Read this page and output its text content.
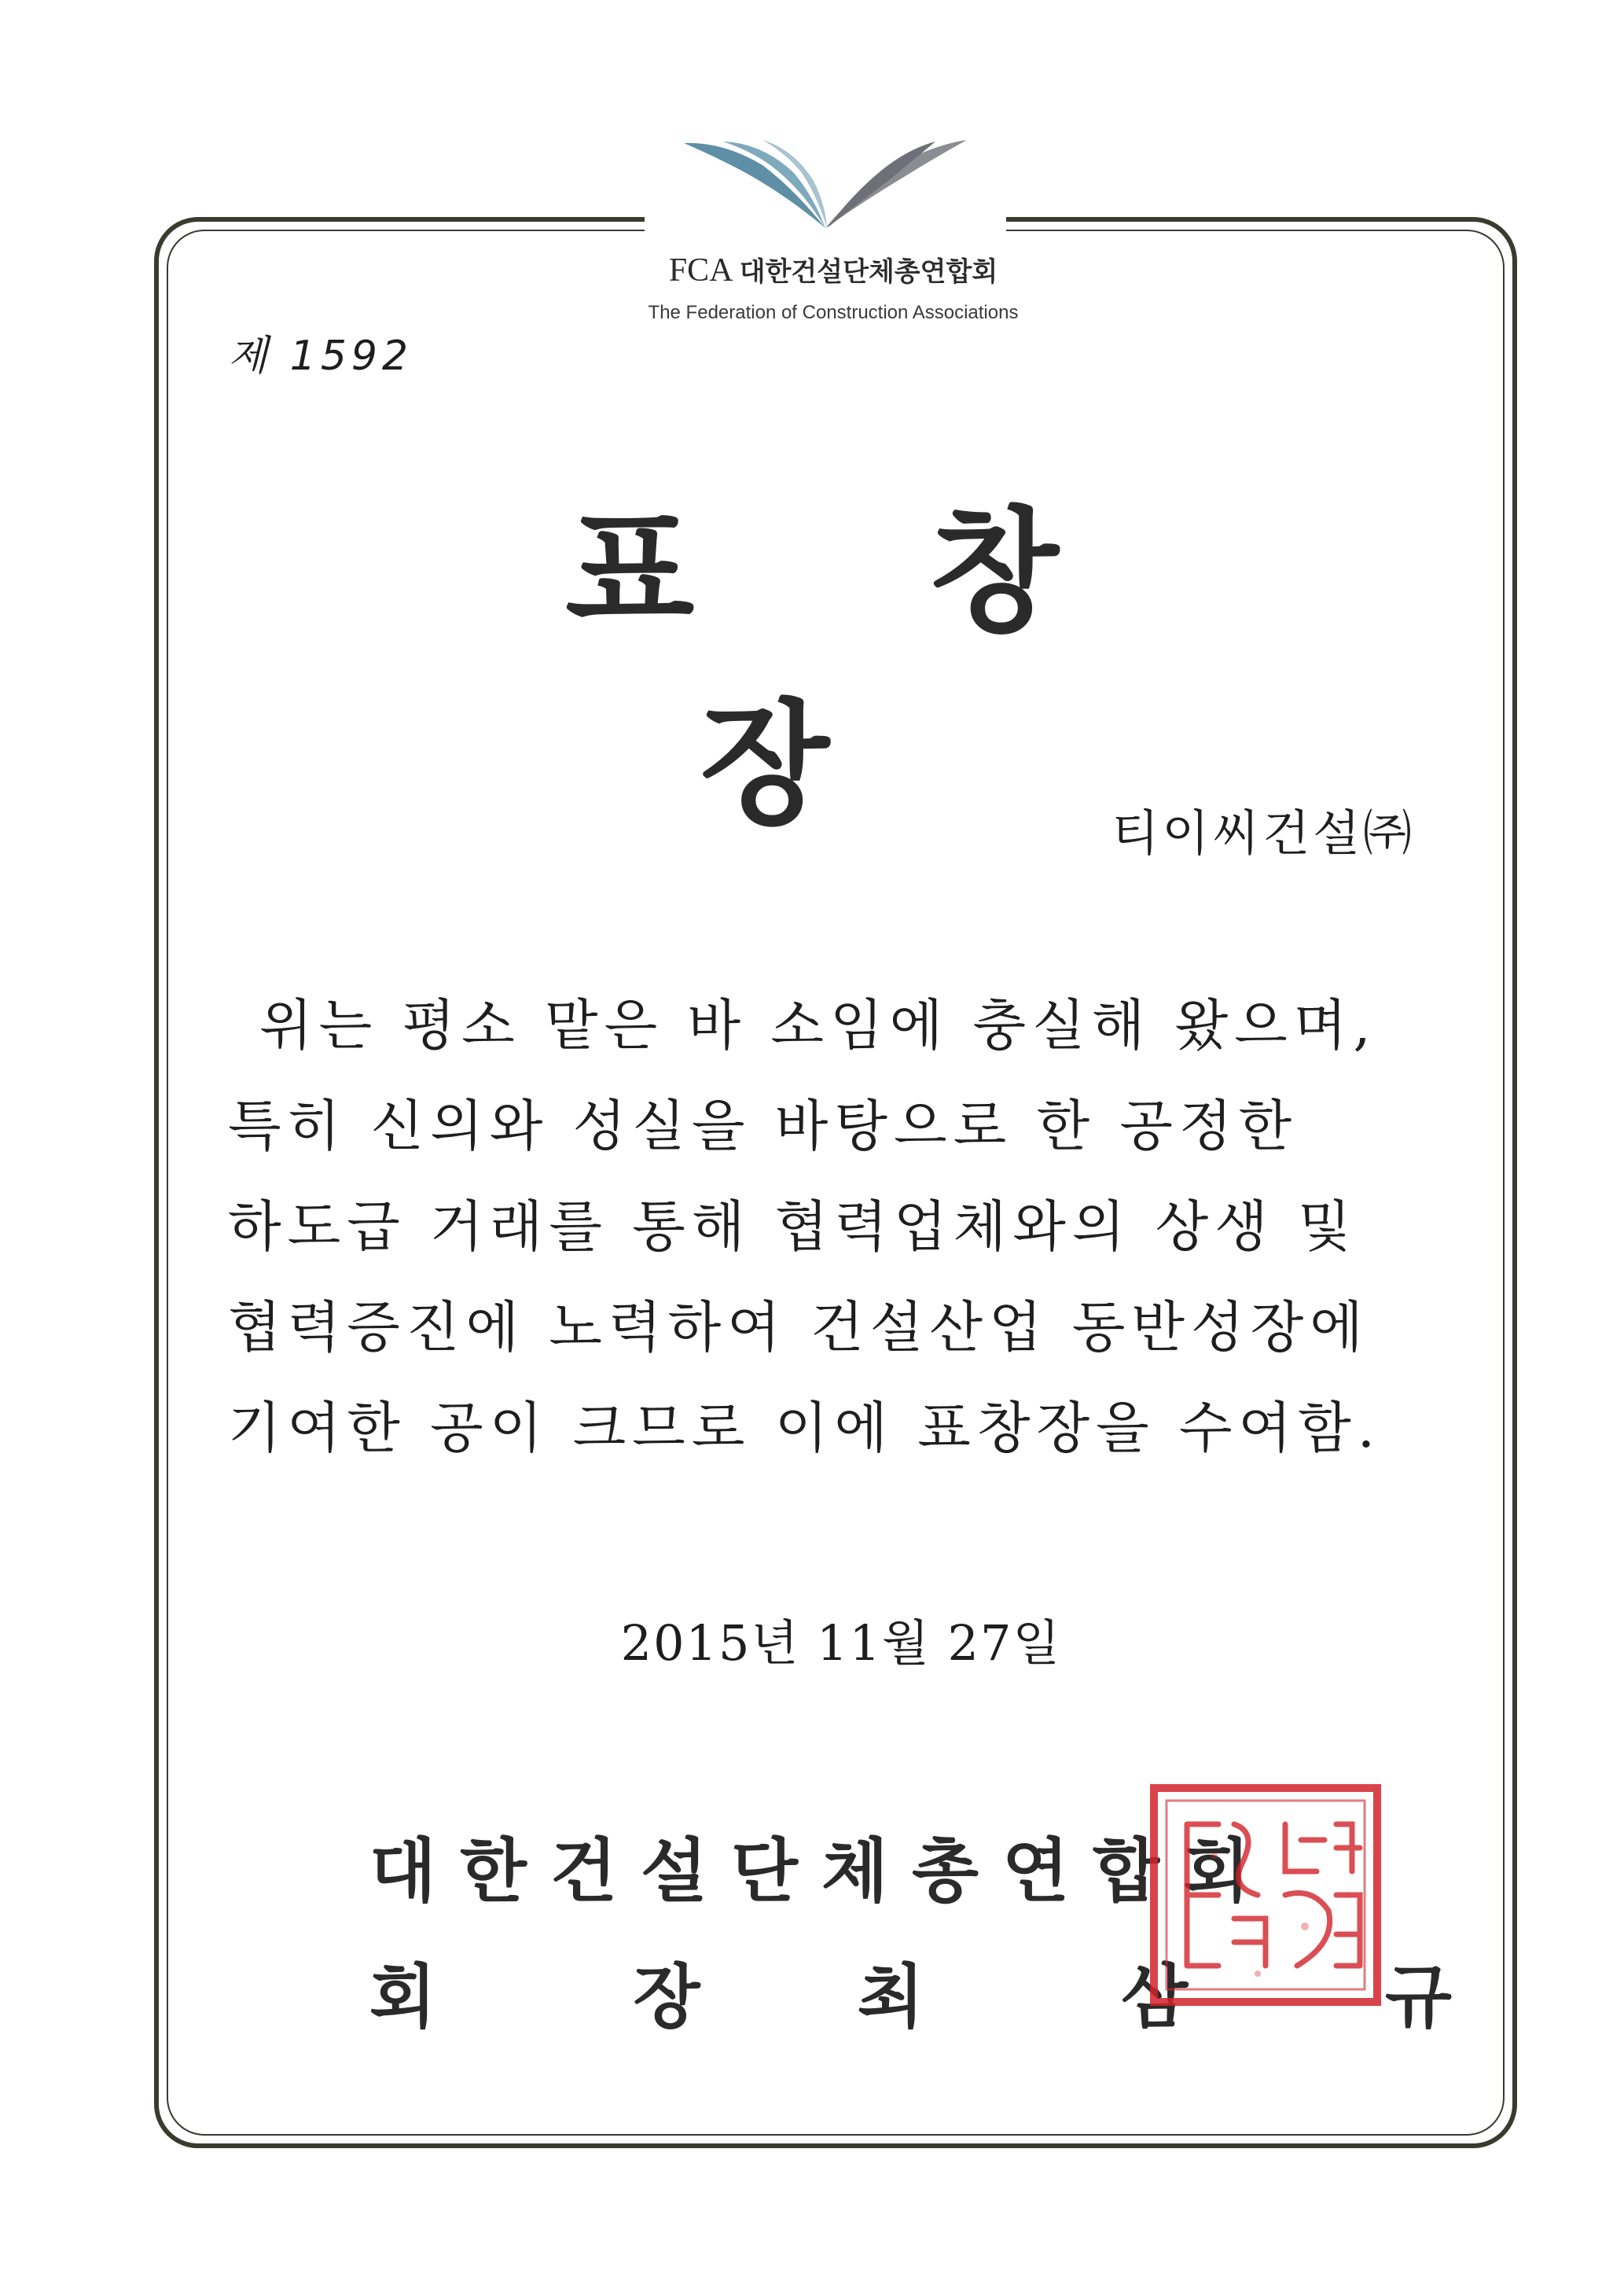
FCA 대한건설단체총연합회
The Federation of Construction Associations
제 1592
표 창 장	티이씨건설㈜
위는 평소 맡은 바 소임에 충실해 왔으며,
특히 신의와 성실을 바탕으로 한 공정한
하도급 거래를 통해 협력업체와의 상생 및
협력증진에 노력하여 건설산업 동반성장에
기여한 공이 크므로 이에 표창장을 수여함.
2015년 11월 27일
대한건설단체총연합회
회 장 최 삼 규
